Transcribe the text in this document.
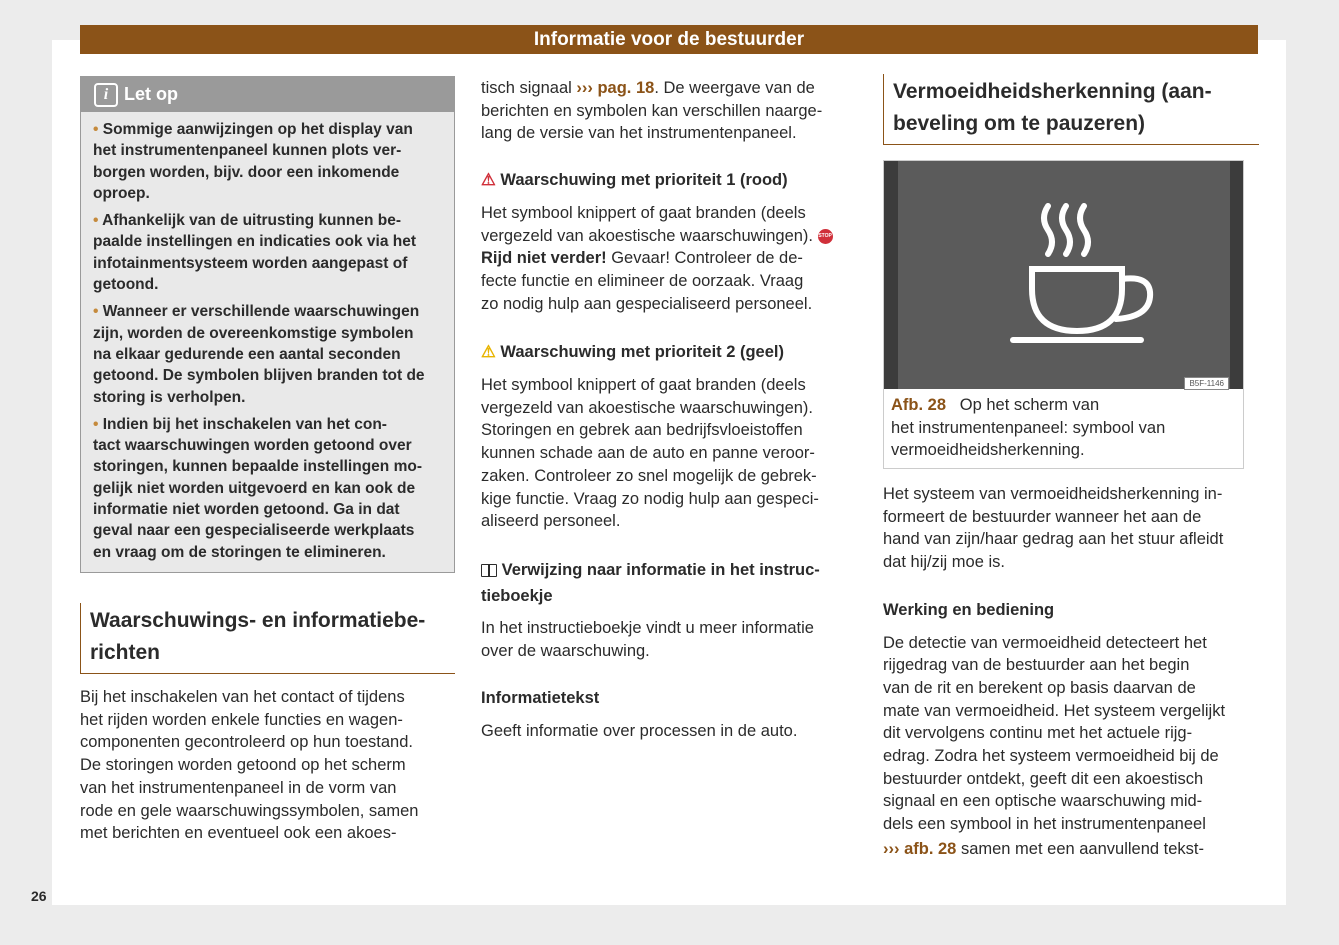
Informatie voor de bestuurder
i Let op

• Sommige aanwijzingen op het display van
het instrumentenpaneel kunnen plots ver-
borgen worden, bijv. door een inkomende
oproep.

• Afhankelijk van de uitrusting kunnen be-
paalde instellingen en indicaties ook via het
infotainmentsysteem worden aangepast of
getoond.

• Wanneer er verschillende waarschuwingen
zijn, worden de overeenkomstige symbolen
na elkaar gedurende een aantal seconden
getoond. De symbolen blijven branden tot de
storing is verholpen.

• Indien bij het inschakelen van het con-
tact waarschuwingen worden getoond over
storingen, kunnen bepaalde instellingen mo-
gelijk niet worden uitgevoerd en kan ook de
informatie niet worden getoond. Ga in dat
geval naar een gespecialiseerde werkplaats
en vraag om de storingen te elimineren.

Waarschuwings- en informatiebe-
richten

Bij het inschakelen van het contact of tijdens
het rijden worden enkele functies en wagen-
componenten gecontroleerd op hun toestand.
De storingen worden getoond op het scherm
van het instrumentenpaneel in de vorm van
rode en gele waarschuwingssymbolen, samen
met berichten en eventueel ook een akoes-

tisch signaal ››› pag. 18. De weergave van de
berichten en symbolen kan verschillen naarge-
lang de versie van het instrumentenpaneel.

⚠ Waarschuwing met prioriteit 1 (rood)

Het symbool knippert of gaat branden (deels
vergezeld van akoestische waarschuwingen). STOP
Rijd niet verder! Gevaar! Controleer de de-
fecte functie en elimineer de oorzaak. Vraag
zo nodig hulp aan gespecialiseerd personeel.

⚠ Waarschuwing met prioriteit 2 (geel)

Het symbool knippert of gaat branden (deels
vergezeld van akoestische waarschuwingen).
Storingen en gebrek aan bedrijfsvloeistoffen
kunnen schade aan de auto en panne veroor-
zaken. Controleer zo snel mogelijk de gebrek-
kige functie. Vraag zo nodig hulp aan gespeci-
aliseerd personeel.

Verwijzing naar informatie in het instruc-
tieboekje

In het instructieboekje vindt u meer informatie
over de waarschuwing.

Informatietekst

Geeft informatie over processen in de auto.

Vermoeidheidsherkenning (aan-
beveling om te pauzeren)
B5F-1146
Afb. 28   Op het scherm van
het instrumentenpaneel: symbool van
vermoeidheidsherkenning.

Het systeem van vermoeidheidsherkenning in-
formeert de bestuurder wanneer het aan de
hand van zijn/haar gedrag aan het stuur afleidt
dat hij/zij moe is.

Werking en bediening

De detectie van vermoeidheid detecteert het
rijgedrag van de bestuurder aan het begin
van de rit en berekent op basis daarvan de
mate van vermoeidheid. Het systeem vergelijkt
dit vervolgens continu met het actuele rijg-
edrag. Zodra het systeem vermoeidheid bij de
bestuurder ontdekt, geeft dit een akoestisch
signaal en een optische waarschuwing mid-
dels een symbool in het instrumentenpaneel

››› afb. 28 samen met een aanvullend tekst-

26
